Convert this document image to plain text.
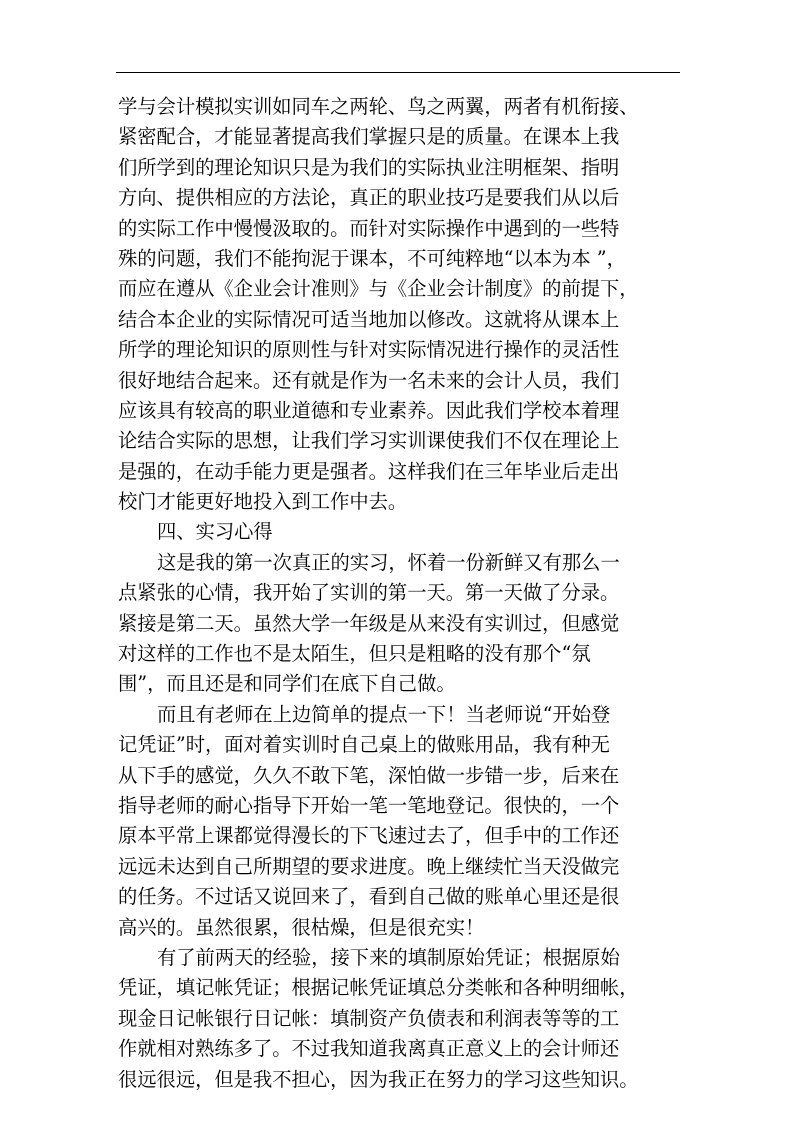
学与会计模拟实训如同车之两轮、鸟之两翼，两者有机衔接、
紧密配合，才能显著提高我们掌握只是的质量。在课本上我
们所学到的理论知识只是为我们的实际执业注明框架、指明
方向、提供相应的方法论，真正的职业技巧是要我们从以后
的实际工作中慢慢汲取的。而针对实际操作中遇到的一些特
殊的问题，我们不能拘泥于课本，不可纯粹地“以本为本 ”，
而应在遵从《企业会计准则》与《企业会计制度》的前提下，
结合本企业的实际情况可适当地加以修改。这就将从课本上
所学的理论知识的原则性与针对实际情况进行操作的灵活性
很好地结合起来。还有就是作为一名未来的会计人员，我们
应该具有较高的职业道德和专业素养。因此我们学校本着理
论结合实际的思想，让我们学习实训课使我们不仅在理论上
是强的，在动手能力更是强者。这样我们在三年毕业后走出
校门才能更好地投入到工作中去。
四、实习心得
这是我的第一次真正的实习，怀着一份新鲜又有那么一
点紧张的心情，我开始了实训的第一天。第一天做了分录。
紧接是第二天。虽然大学一年级是从来没有实训过，但感觉
对这样的工作也不是太陌生，但只是粗略的没有那个“氛
围”，而且还是和同学们在底下自己做。
而且有老师在上边简单的提点一下！当老师说“开始登
记凭证”时，面对着实训时自己桌上的做账用品，我有种无
从下手的感觉，久久不敢下笔，深怕做一步错一步，后来在
指导老师的耐心指导下开始一笔一笔地登记。很快的，一个
原本平常上课都觉得漫长的下飞速过去了，但手中的工作还
远远未达到自己所期望的要求进度。晚上继续忙当天没做完
的任务。不过话又说回来了，看到自己做的账单心里还是很
高兴的。虽然很累，很枯燥，但是很充实！
有了前两天的经验，接下来的填制原始凭证；根据原始
凭证，填记帐凭证；根据记帐凭证填总分类帐和各种明细帐，
现金日记帐银行日记帐：填制资产负债表和利润表等等的工
作就相对熟练多了。不过我知道我离真正意义上的会计师还
很远很远，但是我不担心，因为我正在努力的学习这些知识。
